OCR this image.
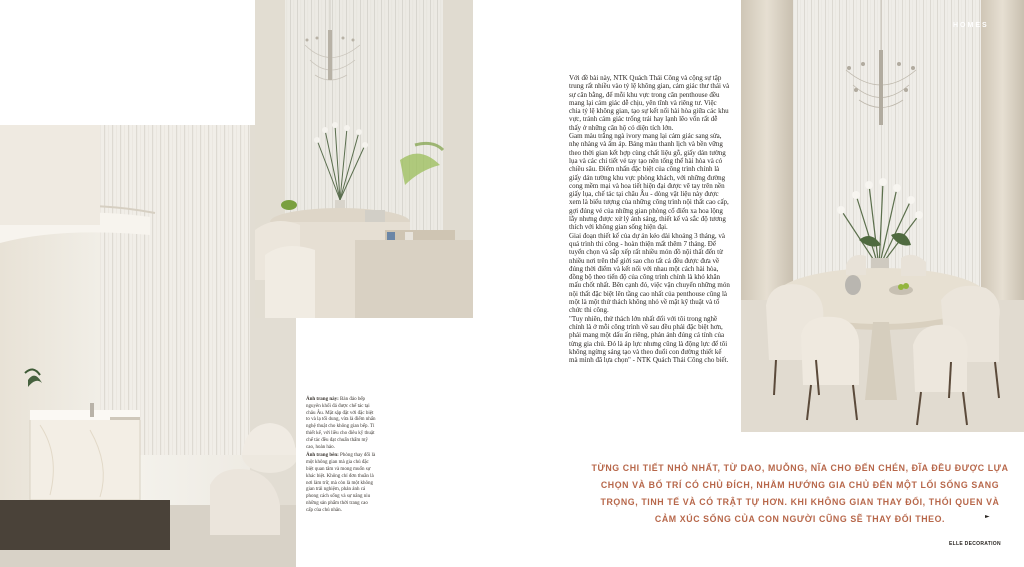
HOMES

Ảnh trang này: Bàn đảo bếp nguyên khối đá được chế tác tại châu Âu. Mặt sập đặt với đặc biệt to và lạ tối dung, vừa là điểm nhấn nghệ thuật cho không gian bếp. Tỉ thiết kế, với liều cho điêu kỹ thuật chế tác đều đạt chuẩn thẩm mỹ cao, hoàn hảo.

Ảnh trang bên: Phòng thay đổi là một không gian mà gia chủ đặc biệt quan tâm và mong muốn sự khác biệt. Không chỉ đơn thuần là nơi làm trữ, mà còn là một không gian trải nghiệm, phản ánh cá phong cách sống và sự nâng niu những sản phẩm thời trang cao cấp của chủ nhân.

Với đề bài này, NTK Quách Thái Công và cộng sự tập trung rất nhiều vào tỷ lệ không gian, cảm giác thư thái và sự cân bằng, để mỗi khu vực trong căn penthouse đều mang lại cảm giác dễ chịu, yên tĩnh và riêng tư. Việc chia tỷ lệ không gian, tạo sự kết nối hài hòa giữa các khu vực, tránh cảm giác trống trải hay lạnh lẽo vốn rất dễ thấy ở những căn hộ có diện tích lớn.

Gam màu trắng ngà ivory mang lại cảm giác sang sửa, nhẹ nhàng và ấm áp. Bảng màu thanh lịch và bền vững theo thời gian kết hợp cùng chất liệu gỗ, giấy dán tường lụa và các chi tiết vẻ tay tạo nên tổng thể hài hòa và có chiều sâu. Điểm nhấn đặc biệt của công trình chính là giấy dán tường khu vực phòng khách, với những đường cong mềm mại và hoa tiết hiện đại được vẽ tay trên nền giấy lụa, chế tác tại châu Âu - dòng vật liệu này được xem là biểu tượng của những công trình nội thất cao cấp, gợi đúng vẻ của những gian phòng cổ điển xa hoa lộng lẫy nhưng được xử lý ánh sáng, thiết kế và sắc độ tương thích với không gian sống hiện đại.

Giai đoạn thiết kế của dự án kéo dài khoảng 3 tháng, và quá trình thi công - hoàn thiện mất thêm 7 tháng. Để tuyển chọn và sắp xếp rất nhiều món đồ nội thất đến từ nhiều nơi trên thế giới sao cho tất cả đều được đưa về đúng thời điểm và kết nối với nhau một cách hài hòa, đồng bộ theo tiến độ của công trình chính là khó khăn mấu chốt nhất. Bên cạnh đó, việc vận chuyển những món nội thất đặc biệt lên tầng cao nhất của penthouse cũng là một là một thử thách không nhỏ về mặt kỹ thuật và tổ chức thi công.

"Tuy nhiên, thử thách lớn nhất đối với tôi trong nghề chính là ở mỗi công trình về sau đều phải đặc biệt hơn, phải mang một dấu ấn riêng, phản ánh đúng cá tính của từng gia chủ. Đó là áp lực nhưng cũng là động lực để tôi không ngừng sáng tạo và theo đuổi con đường thiết kế mà mình đã lựa chọn" - NTK Quách Thái Công cho biết.

TỪNG CHI TIẾT NHỎ NHẤT, TỪ DAO, MUỖNG, NĨA CHO ĐẾN CHÉN, ĐĨA ĐỀU ĐƯỢC LỰA CHỌN VÀ BỐ TRÍ CÓ CHỦ ĐÍCH, NHẰM HƯỚNG GIA CHỦ ĐẾN MỘT LỐI SỐNG SANG TRỌNG, TINH TẾ VÀ CÓ TRẬT TỰ HƠN. KHI KHÔNG GIAN THAY ĐỔI, THÓI QUEN VÀ CẢM XÚC SỐNG CỦA CON NGƯỜI CŨNG SẼ THAY ĐỔI THEO.	►
ELLE DECORATION
